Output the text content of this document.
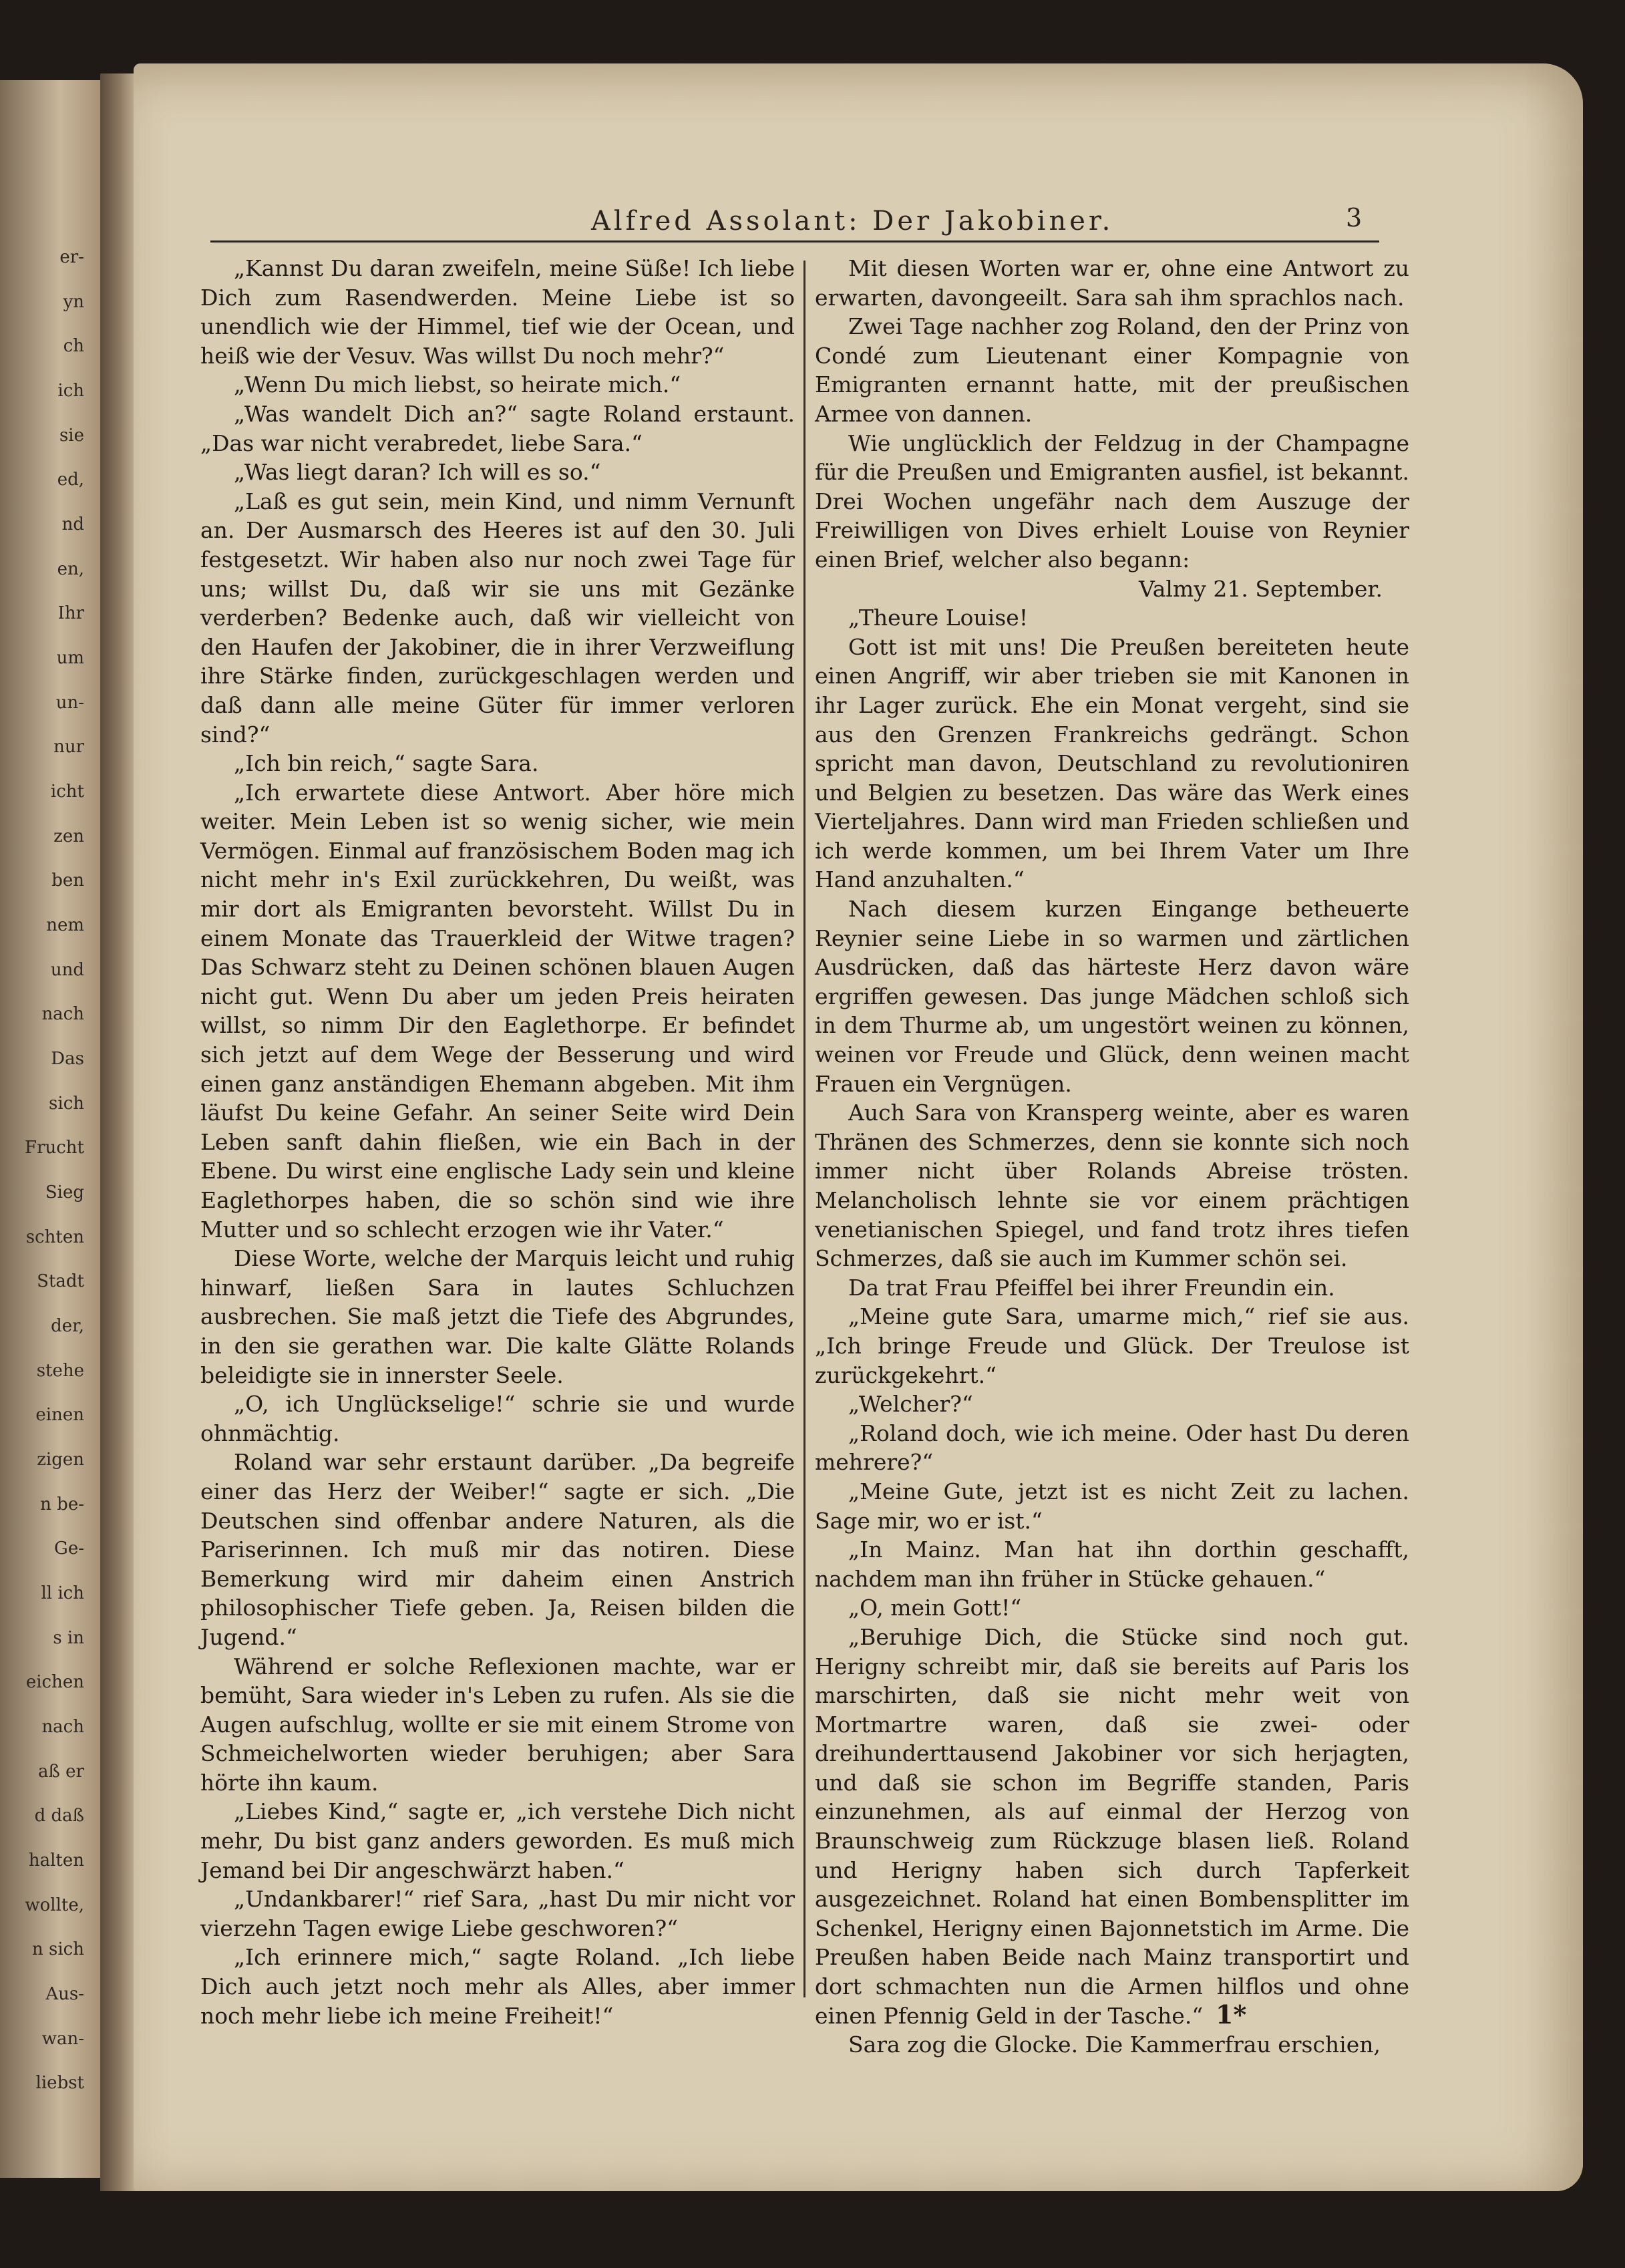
er-
yn
ch
ich
sie
ed,
nd
en,
Ihr
um
un-
nur
icht
zen
ben
nem
und
nach
Das
sich
Frucht
Sieg
schten
Stadt
der,
stehe
einen
zigen
n be-
Ge-
ll ich
s in
eichen
nach
aß er
d daß
halten
wollte,
n sich
Aus-
wan-
liebst
Alfred Assolant: Der Jakobiner.	3

„Kannst Du daran zweifeln, meine Süße! Ich liebe Dich zum Rasendwerden. Meine Liebe ist so unendlich wie der Himmel, tief wie der Ocean, und heiß wie der Vesuv. Was willst Du noch mehr?“

„Wenn Du mich liebst, so heirate mich.“

„Was wandelt Dich an?“ sagte Roland erstaunt. „Das war nicht verabredet, liebe Sara.“

„Was liegt daran? Ich will es so.“

„Laß es gut sein, mein Kind, und nimm Vernunft an. Der Ausmarsch des Heeres ist auf den 30. Juli festgesetzt. Wir haben also nur noch zwei Tage für uns; willst Du, daß wir sie uns mit Gezänke verderben? Bedenke auch, daß wir vielleicht von den Haufen der Jakobiner, die in ihrer Verzweiflung ihre Stärke finden, zurückgeschlagen werden und daß dann alle meine Güter für immer verloren sind?“

„Ich bin reich,“ sagte Sara.

„Ich erwartete diese Antwort. Aber höre mich weiter. Mein Leben ist so wenig sicher, wie mein Vermögen. Einmal auf französischem Boden mag ich nicht mehr in's Exil zurückkehren, Du weißt, was mir dort als Emigranten bevorsteht. Willst Du in einem Monate das Trauerkleid der Witwe tragen? Das Schwarz steht zu Deinen schönen blauen Augen nicht gut. Wenn Du aber um jeden Preis heiraten willst, so nimm Dir den Eaglethorpe. Er befindet sich jetzt auf dem Wege der Besserung und wird einen ganz anständigen Ehemann abgeben. Mit ihm läufst Du keine Gefahr. An seiner Seite wird Dein Leben sanft dahin fließen, wie ein Bach in der Ebene. Du wirst eine englische Lady sein und kleine Eaglethorpes haben, die so schön sind wie ihre Mutter und so schlecht erzogen wie ihr Vater.“

Diese Worte, welche der Marquis leicht und ruhig hinwarf, ließen Sara in lautes Schluchzen ausbrechen. Sie maß jetzt die Tiefe des Abgrundes, in den sie gerathen war. Die kalte Glätte Rolands beleidigte sie in innerster Seele.

„O, ich Unglückselige!“ schrie sie und wurde ohnmächtig.

Roland war sehr erstaunt darüber. „Da begreife einer das Herz der Weiber!“ sagte er sich. „Die Deutschen sind offenbar andere Naturen, als die Pariserinnen. Ich muß mir das notiren. Diese Bemerkung wird mir daheim einen Anstrich philosophischer Tiefe geben. Ja, Reisen bilden die Jugend.“

Während er solche Reflexionen machte, war er bemüht, Sara wieder in's Leben zu rufen. Als sie die Augen aufschlug, wollte er sie mit einem Strome von Schmeichelworten wieder beruhigen; aber Sara hörte ihn kaum.

„Liebes Kind,“ sagte er, „ich verstehe Dich nicht mehr, Du bist ganz anders geworden. Es muß mich Jemand bei Dir angeschwärzt haben.“

„Undankbarer!“ rief Sara, „hast Du mir nicht vor vierzehn Tagen ewige Liebe geschworen?“

„Ich erinnere mich,“ sagte Roland. „Ich liebe Dich auch jetzt noch mehr als Alles, aber immer noch mehr liebe ich meine Freiheit!“

Mit diesen Worten war er, ohne eine Antwort zu erwarten, davongeeilt. Sara sah ihm sprachlos nach.

Zwei Tage nachher zog Roland, den der Prinz von Condé zum Lieutenant einer Kompagnie von Emigranten ernannt hatte, mit der preußischen Armee von dannen.

Wie unglücklich der Feldzug in der Champagne für die Preußen und Emigranten ausfiel, ist bekannt. Drei Wochen ungefähr nach dem Auszuge der Freiwilligen von Dives erhielt Louise von Reynier einen Brief, welcher also begann:

Valmy 21. September.

„Theure Louise!

Gott ist mit uns! Die Preußen bereiteten heute einen Angriff, wir aber trieben sie mit Kanonen in ihr Lager zurück. Ehe ein Monat vergeht, sind sie aus den Grenzen Frankreichs gedrängt. Schon spricht man davon, Deutschland zu revolutioniren und Belgien zu besetzen. Das wäre das Werk eines Vierteljahres. Dann wird man Frieden schließen und ich werde kommen, um bei Ihrem Vater um Ihre Hand anzuhalten.“

Nach diesem kurzen Eingange betheuerte Reynier seine Liebe in so warmen und zärtlichen Ausdrücken, daß das härteste Herz davon wäre ergriffen gewesen. Das junge Mädchen schloß sich in dem Thurme ab, um ungestört weinen zu können, weinen vor Freude und Glück, denn weinen macht Frauen ein Vergnügen.

Auch Sara von Kransperg weinte, aber es waren Thränen des Schmerzes, denn sie konnte sich noch immer nicht über Rolands Abreise trösten. Melancholisch lehnte sie vor einem prächtigen venetianischen Spiegel, und fand trotz ihres tiefen Schmerzes, daß sie auch im Kummer schön sei.

Da trat Frau Pfeiffel bei ihrer Freundin ein.

„Meine gute Sara, umarme mich,“ rief sie aus. „Ich bringe Freude und Glück. Der Treulose ist zurückgekehrt.“

„Welcher?“

„Roland doch, wie ich meine. Oder hast Du deren mehrere?“

„Meine Gute, jetzt ist es nicht Zeit zu lachen. Sage mir, wo er ist.“

„In Mainz. Man hat ihn dorthin geschafft, nachdem man ihn früher in Stücke gehauen.“

„O, mein Gott!“

„Beruhige Dich, die Stücke sind noch gut. Herigny schreibt mir, daß sie bereits auf Paris los marschirten, daß sie nicht mehr weit von Mortmartre waren, daß sie zwei- oder dreihunderttausend Jakobiner vor sich herjagten, und daß sie schon im Begriffe standen, Paris einzunehmen, als auf einmal der Herzog von Braunschweig zum Rückzuge blasen ließ. Roland und Herigny haben sich durch Tapferkeit ausgezeichnet. Roland hat einen Bombensplitter im Schenkel, Herigny einen Bajonnetstich im Arme. Die Preußen haben Beide nach Mainz transportirt und dort schmachten nun die Armen hilflos und ohne einen Pfennig Geld in der Tasche.“

Sara zog die Glocke. Die Kammerfrau erschien,

1*
